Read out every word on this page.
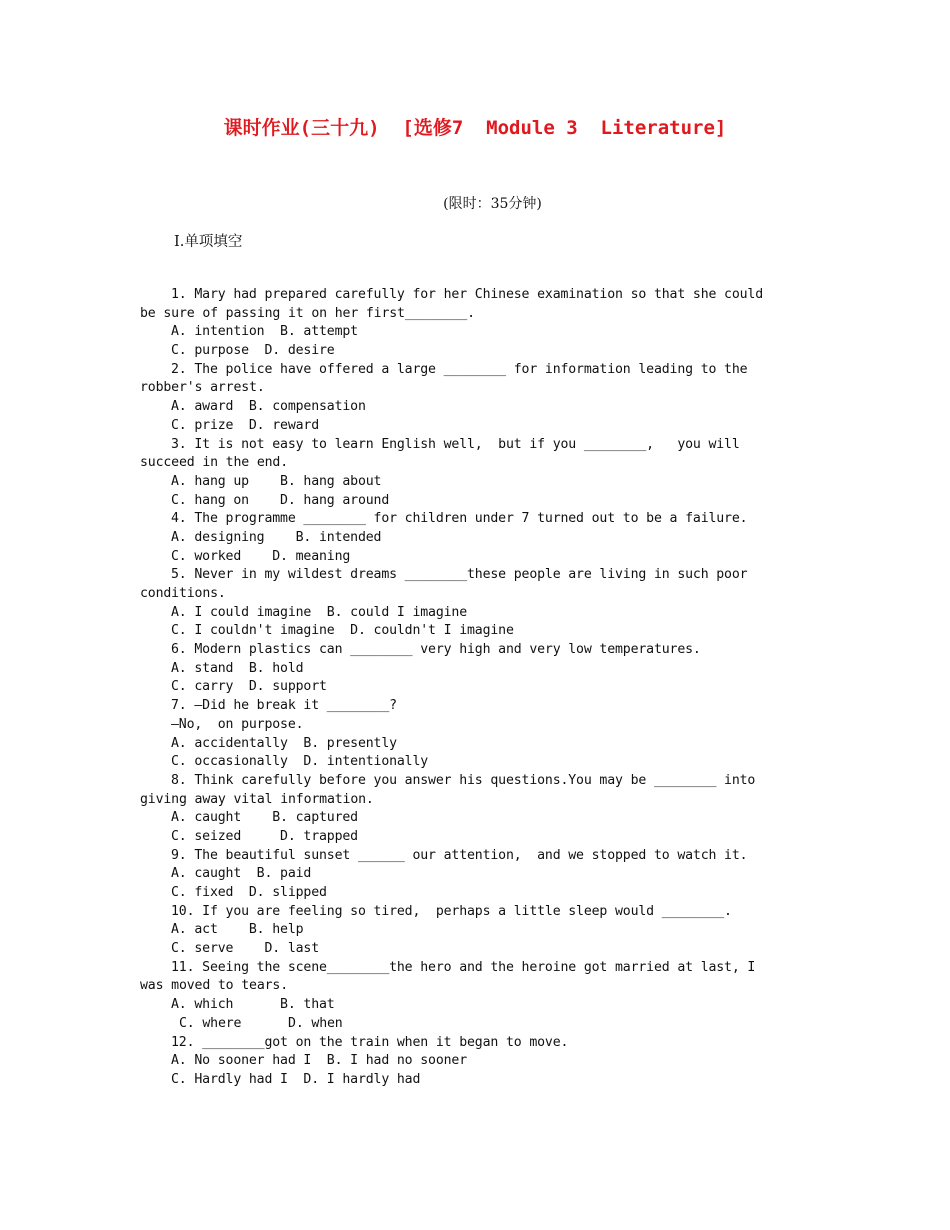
课时作业(三十九)  [选修7  Module 3  Literature]
(限时：35分钟)
Ⅰ.单项填空
1. Mary had prepared carefully for her Chinese examination so that she could
be sure of passing it on her first________.
A. intention  B. attempt
C. purpose  D. desire
2. The police have offered a large ________ for information leading to the
robber's arrest.
A. award  B. compensation
C. prize  D. reward
3. It is not easy to learn English well,  but if you ________,   you will
succeed in the end.
A. hang up    B. hang about
C. hang on    D. hang around
4. The programme ________ for children under 7 turned out to be a failure.
A. designing    B. intended
C. worked    D. meaning
5. Never in my wildest dreams ________these people are living in such poor
conditions.
A. I could imagine  B. could I imagine
C. I couldn't imagine  D. couldn't I imagine
6. Modern plastics can ________ very high and very low temperatures.
A. stand  B. hold
C. carry  D. support
7. —Did he break it ________?
—No,  on purpose.
A. accidentally  B. presently
C. occasionally  D. intentionally
8. Think carefully before you answer his questions.You may be ________ into
giving away vital information.
A. caught    B. captured
C. seized     D. trapped
9. The beautiful sunset ______ our attention,  and we stopped to watch it.
A. caught  B. paid
C. fixed  D. slipped
10. If you are feeling so tired,  perhaps a little sleep would ________.
A. act    B. help
C. serve    D. last
11. Seeing the scene________the hero and the heroine got married at last, I
was moved to tears.
A. which      B. that
C. where      D. when
12. ________got on the train when it began to move.
A. No sooner had I  B. I had no sooner
C. Hardly had I  D. I hardly had
